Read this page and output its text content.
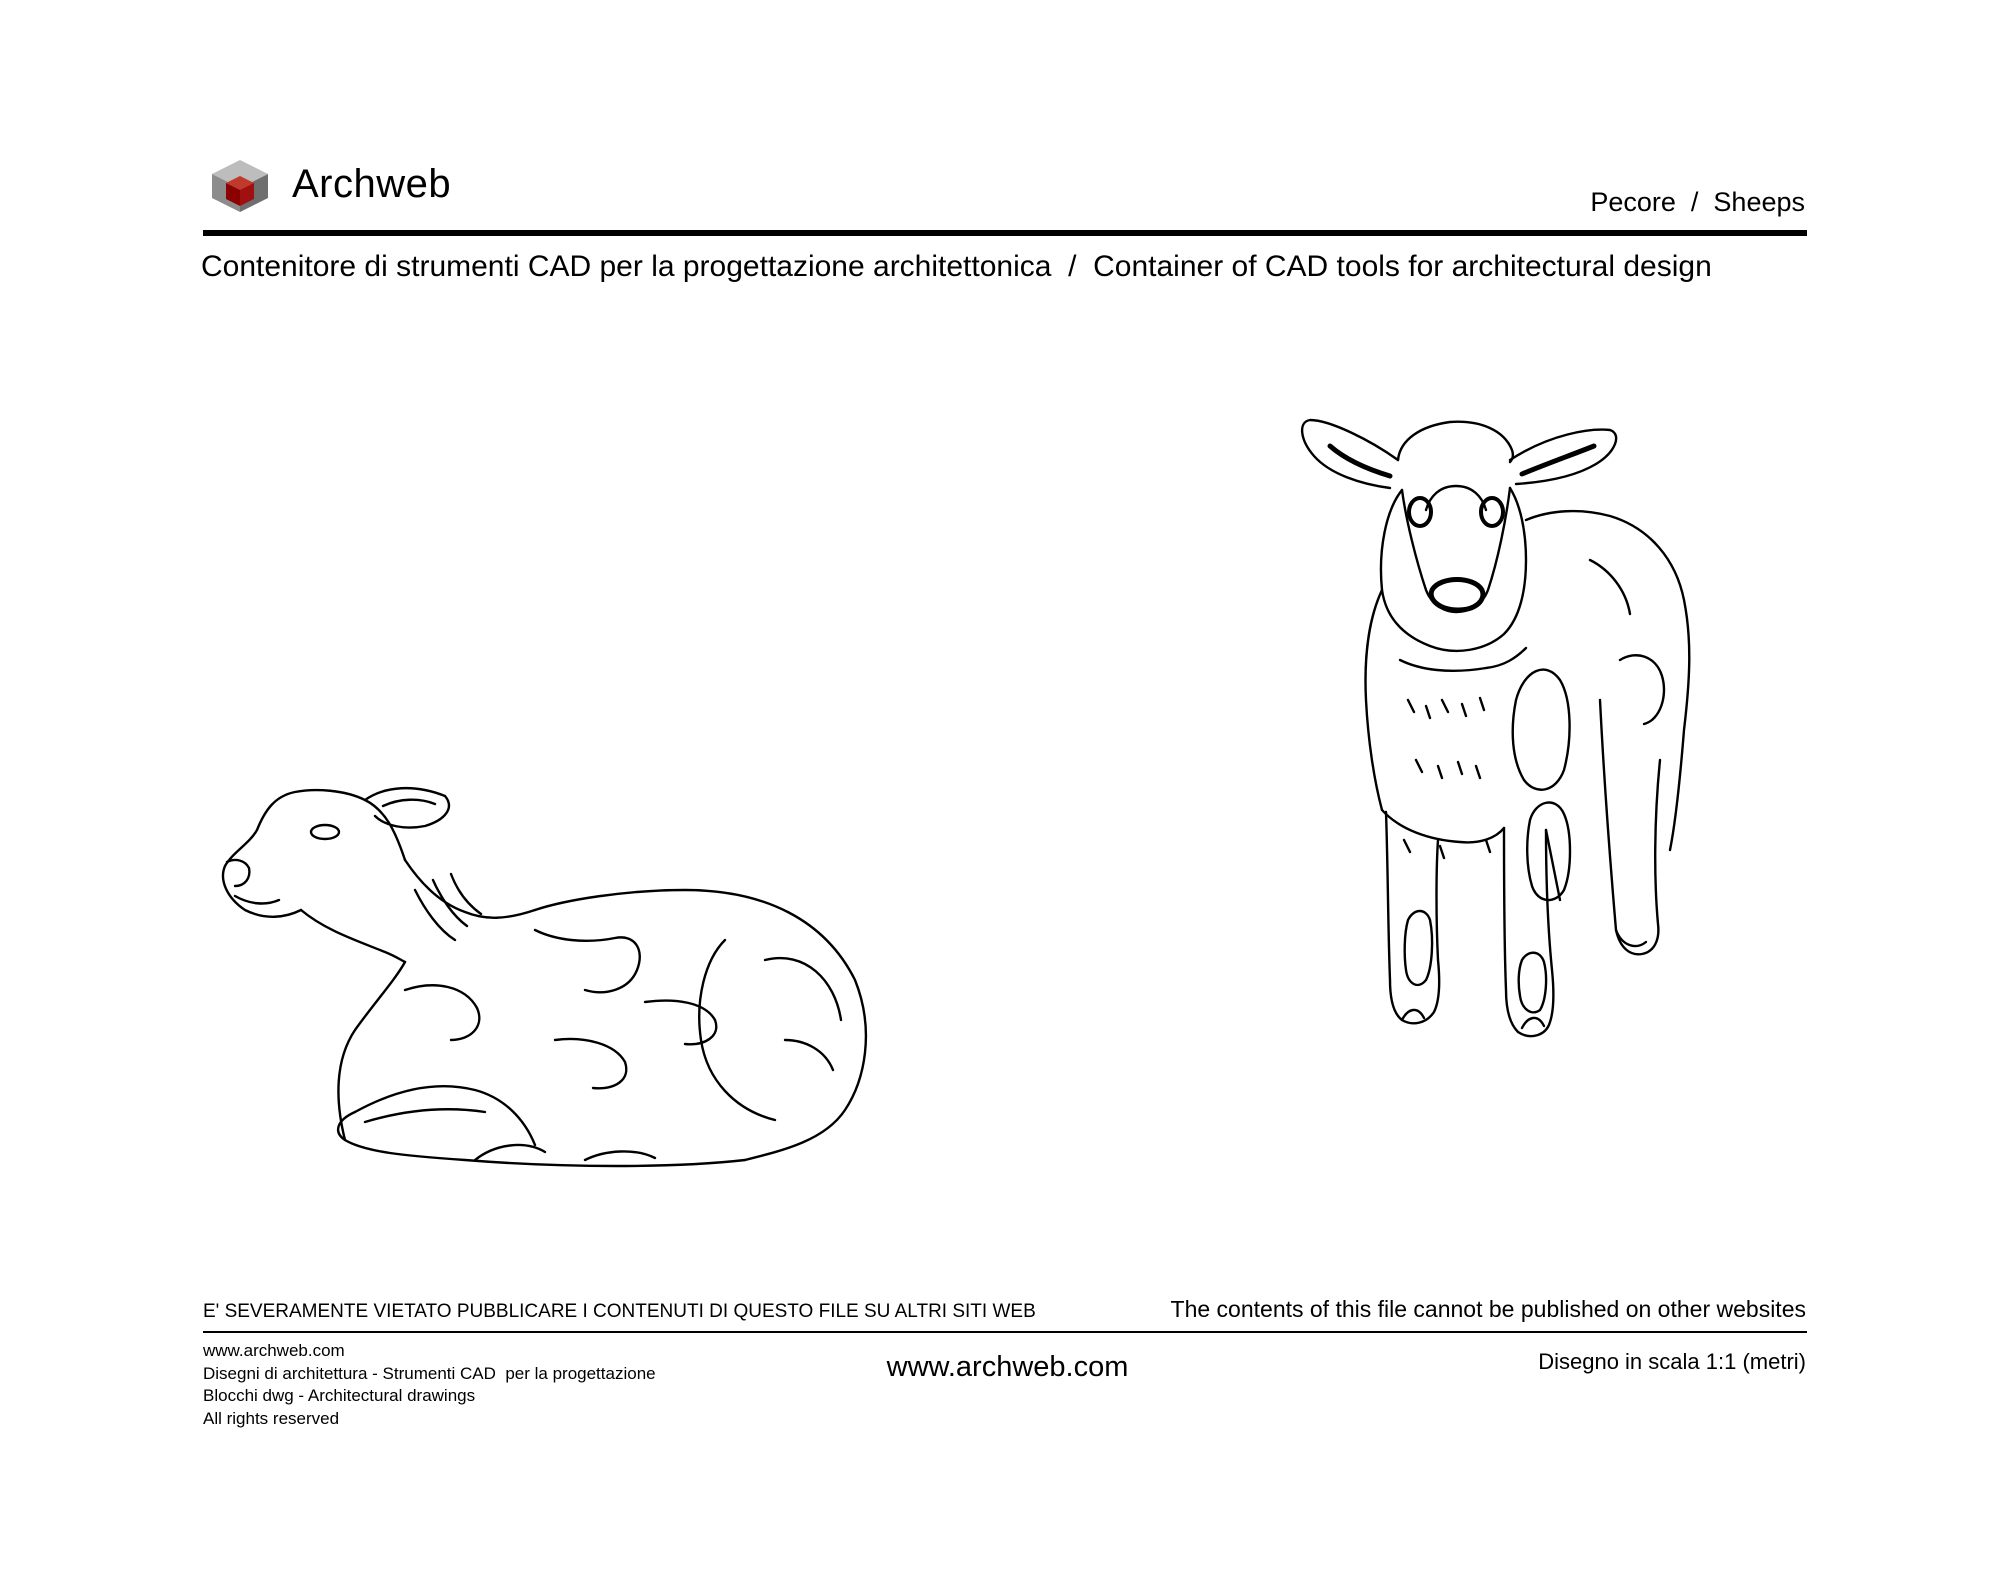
Archweb	Pecore  /  Sheeps
Contenitore di strumenti CAD per la progettazione architettonica  /  Container of CAD tools for architectural design
E' SEVERAMENTE VIETATO PUBBLICARE I CONTENUTI DI QUESTO FILE SU ALTRI SITI WEB	The contents of this file cannot be published on other websites
www.archweb.com
Disegni di architettura - Strumenti CAD  per la progettazione
Blocchi dwg - Architectural drawings
All rights reserved
www.archweb.com	Disegno in scala 1:1 (metri)
